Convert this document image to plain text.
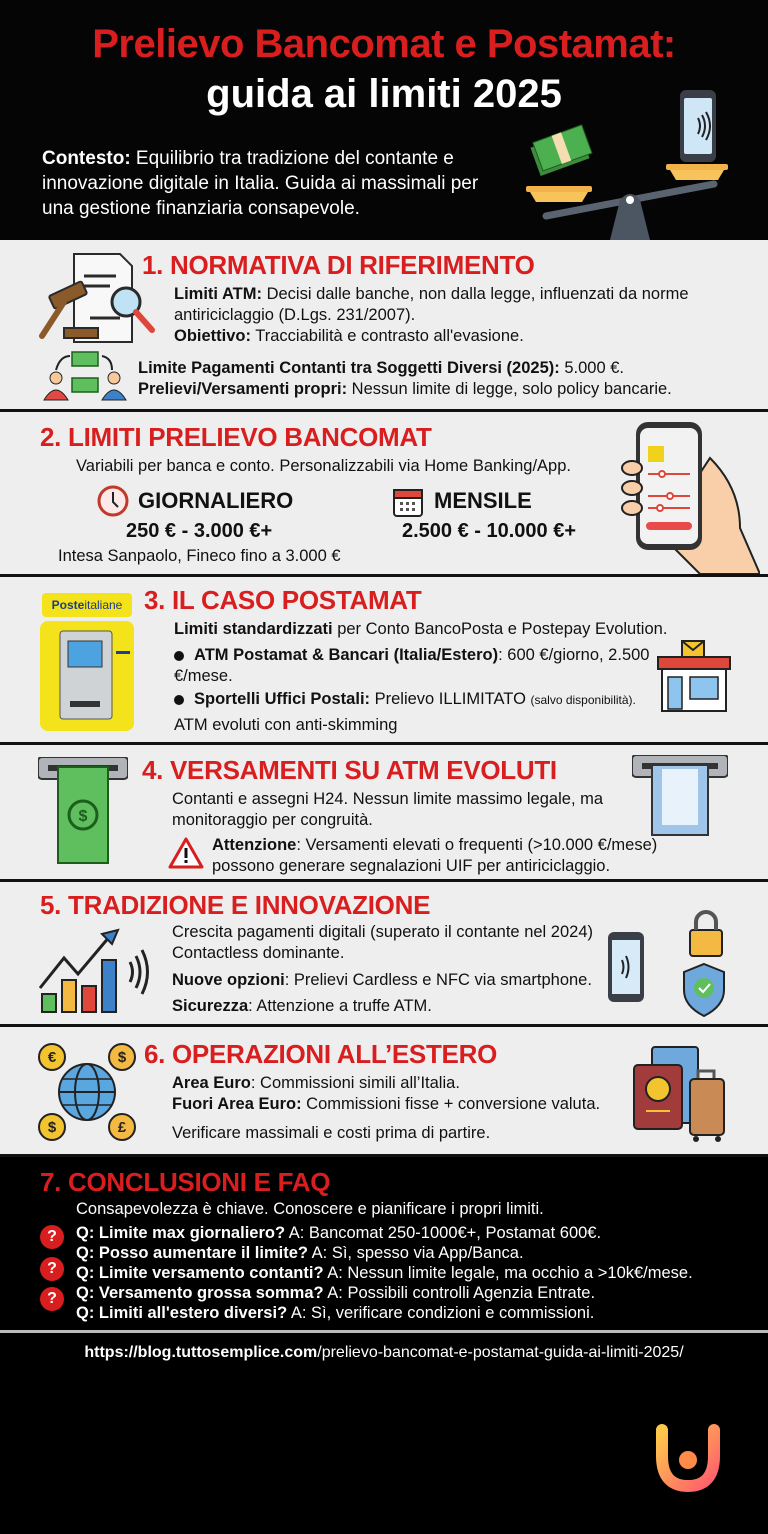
Prelievo Bancomat e Postamat:
guida ai limiti 2025
Contesto: Equilibrio tra tradizione del contante e innovazione digitale in Italia. Guida ai massimali per una gestione finanziaria consapevole.
1. NORMATIVA DI RIFERIMENTO
Limiti ATM: Decisi dalle banche, non dalla legge, influenzati da norme antiriciclaggio (D.Lgs. 231/2007).
Obiettivo: Tracciabilità e contrasto all'evasione.
Limite Pagamenti Contanti tra Soggetti Diversi (2025): 5.000 €.
Prelievi/Versamenti propri: Nessun limite di legge, solo policy bancarie.
2. LIMITI PRELIEVO BANCOMAT
Variabili per banca e conto. Personalizzabili via Home Banking/App.
GIORNALIERO
250 € - 3.000 €+
Intesa Sanpaolo, Fineco fino a 3.000 €
MENSILE
2.500 € - 10.000 €+
Posteitaliane 3. IL CASO POSTAMAT
Limiti standardizzati per Conto BancoPosta e Postepay Evolution.
ATM Postamat & Bancari (Italia/Estero): 600 €/giorno, 2.500 €/mese.
Sportelli Uffici Postali: Prelievo ILLIMITATO (salvo disponibilità).
ATM evoluti con anti-skimming
$
4. VERSAMENTI SU ATM EVOLUTI
Contanti e assegni H24. Nessun limite massimo legale, ma monitoraggio per congruità.
Attenzione: Versamenti elevati o frequenti (>10.000 €/mese) possono generare segnalazioni UIF per antiriciclaggio.
5. TRADIZIONE E INNOVAZIONE
Crescita pagamenti digitali (superato il contante nel 2024) Contactless dominante.
Nuove opzioni: Prelievi Cardless e NFC via smartphone.
Sicurezza: Attenzione a truffe ATM.
€	$
$	£
6. OPERAZIONI ALL’ESTERO
Area Euro: Commissioni simili all’Italia.
Fuori Area Euro: Commissioni fisse + conversione valuta.
Verificare massimali e costi prima di partire.
7. CONCLUSIONI E FAQ
Consapevolezza è chiave. Conoscere e pianificare i propri limiti.
?
?
?
Q: Limite max giornaliero? A: Bancomat 250-1000€+, Postamat 600€.
Q: Posso aumentare il limite? A: Sì, spesso via App/Banca.
Q: Limite versamento contanti? A: Nessun limite legale, ma occhio a >10k€/mese.
Q: Versamento grossa somma? A: Possibili controlli Agenzia Entrate.
Q: Limiti all'estero diversi? A: Sì, verificare condizioni e commissioni.
https://blog.tuttosemplice.com/prelievo-bancomat-e-postamat-guida-ai-limiti-2025/
